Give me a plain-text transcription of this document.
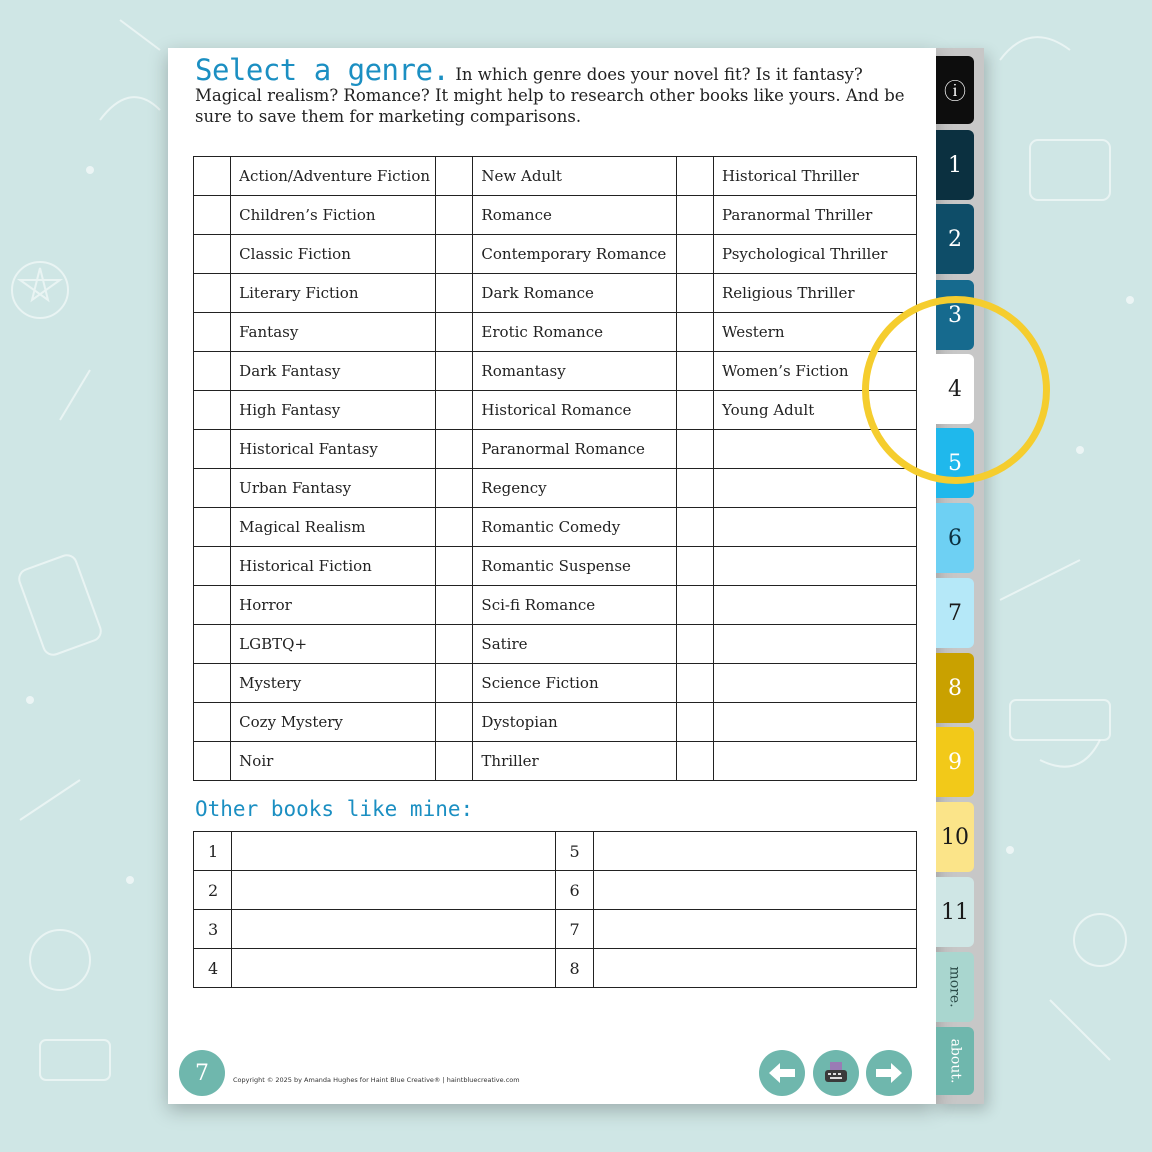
Select a genre. In which genre does your novel fit? Is it fantasy? Magical realism? Romance? It might help to research other books like yours. And be sure to save them for marketing comparisons.
	Action/Adventure Fiction		New Adult		Historical Thriller
	Children’s Fiction		Romance		Paranormal Thriller
	Classic Fiction		Contemporary Romance		Psychological Thriller
	Literary Fiction		Dark Romance		Religious Thriller
	Fantasy		Erotic Romance		Western
	Dark Fantasy		Romantasy		Women’s Fiction
	High Fantasy		Historical Romance		Young Adult
	Historical Fantasy		Paranormal Romance		
	Urban Fantasy		Regency		
	Magical Realism		Romantic Comedy		
	Historical Fiction		Romantic Suspense		
	Horror		Sci-fi Romance		
	LGBTQ+		Satire		
	Mystery		Science Fiction		
	Cozy Mystery		Dystopian		
	Noir		Thriller		
Other books like mine:
1		5	
2		6	
3		7	
4		8	
ⓘ
1
2
3
4
5
6
7
8
9
10
11
more.
about.
7	Copyright © 2025 by Amanda Hughes for Haint Blue Creative® | haintbluecreative.com
